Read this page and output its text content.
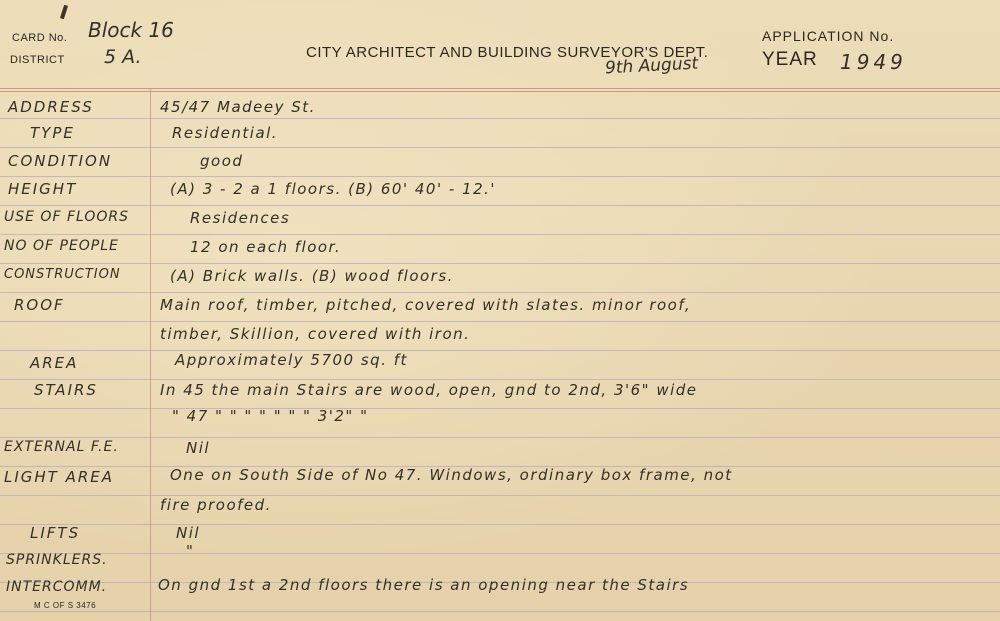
CARD No. Block 16
DISTRICT 5 A.	CITY ARCHITECT AND BUILDING SURVEYOR'S DEPT.
9th August
APPLICATION No.
YEAR 1949
ADDRESS	45/47 Madeey St.
TYPE	Residential.
CONDITION	good
HEIGHT	(A) 3 - 2 a 1 floors. (B) 60' 40' - 12.'
USE OF FLOORS	Residences
NO OF PEOPLE	12 on each floor.
CONSTRUCTION	(A) Brick walls. (B) wood floors.
ROOF	Main roof, timber, pitched, covered with slates. minor roof,
timber, Skillion, covered with iron.
AREA	Approximately 5700 sq. ft
STAIRS	In 45 the main Stairs are wood, open, gnd to 2nd, 3'6" wide
" 47 " " " " " " " 3'2" "
EXTERNAL F.E.	Nil
LIGHT AREA	One on South Side of No 47. Windows, ordinary box frame, not
fire proofed.
LIFTS	Nil
SPRINKLERS.	"
INTERCOMM.	On gnd 1st a 2nd floors there is an opening near the Stairs
M C OF S 3476
